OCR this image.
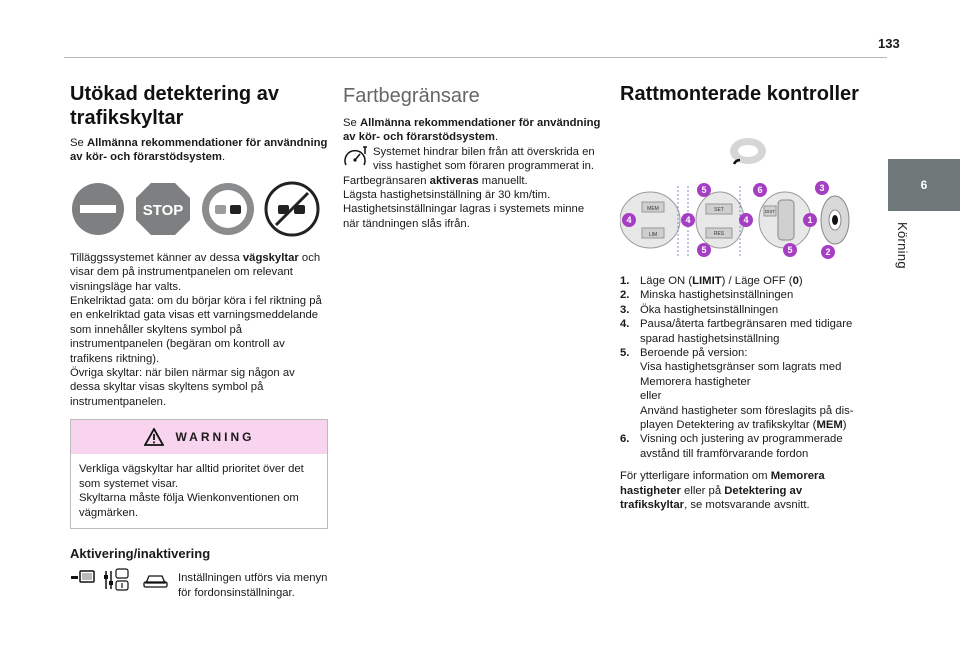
133
6
Körning
Utökad detektering av trafikskyltar

Se Allmänna rekommendationer för användning av kör- och förarstödsystem.

STOP

Tilläggssystemet känner av dessa vägskyltar och visar dem på instrumentpanelen om relevant visningsläge har valts.
Enkelriktad gata: om du börjar köra i fel riktning på en enkelriktad gata visas ett varningsmeddelande som innehåller skyltens symbol på instrumentpanelen (begäran om kontroll av trafikens riktning).
Övriga skyltar: när bilen närmar sig någon av dessa skyltar visas skyltens symbol på instrumentpanelen.

WARNING
Verkliga vägskyltar har alltid prioritet över det som systemet visar.
Skyltarna måste följa Wienkonventionen om vägmärken.
Aktivering/inaktivering

Inställningen utförs via menyn för fordonsinställningar.

Fartbegränsare

Se Allmänna rekommendationer för användning av kör- och förarstödsystem.

Systemet hindrar bilen från att överskrida en viss hastighet som föraren programmerat in.
Fartbegränsaren aktiveras manuellt.
Lägsta hastighetsinställning är 30 km/tim.
Hastighetsinställningar lagras i systemets minne när tändningen slås ifrån.

Rattmonterade kontroller
MEM
LIM
SET
RES
DIST
5	6	3
4	4	4	1
5	5	2
1. Läge ON (LIMIT) / Läge OFF (0)
2. Minska hastighetsinställningen
3. Öka hastighetsinställningen
4. Pausa/återta fartbegränsaren med tidigare sparad hastighetsinställning
5. Beroende på version:
Visa hastighetsgränser som lagrats med Memorera hastigheter
eller
Använd hastigheter som föreslagits på dis-playen Detektering av trafikskyltar (MEM)
6. Visning och justering av programmerade avstånd till framförvarande fordon

För ytterligare information om Memorera hastigheter eller på Detektering av trafikskyltar, se motsvarande avsnitt.
